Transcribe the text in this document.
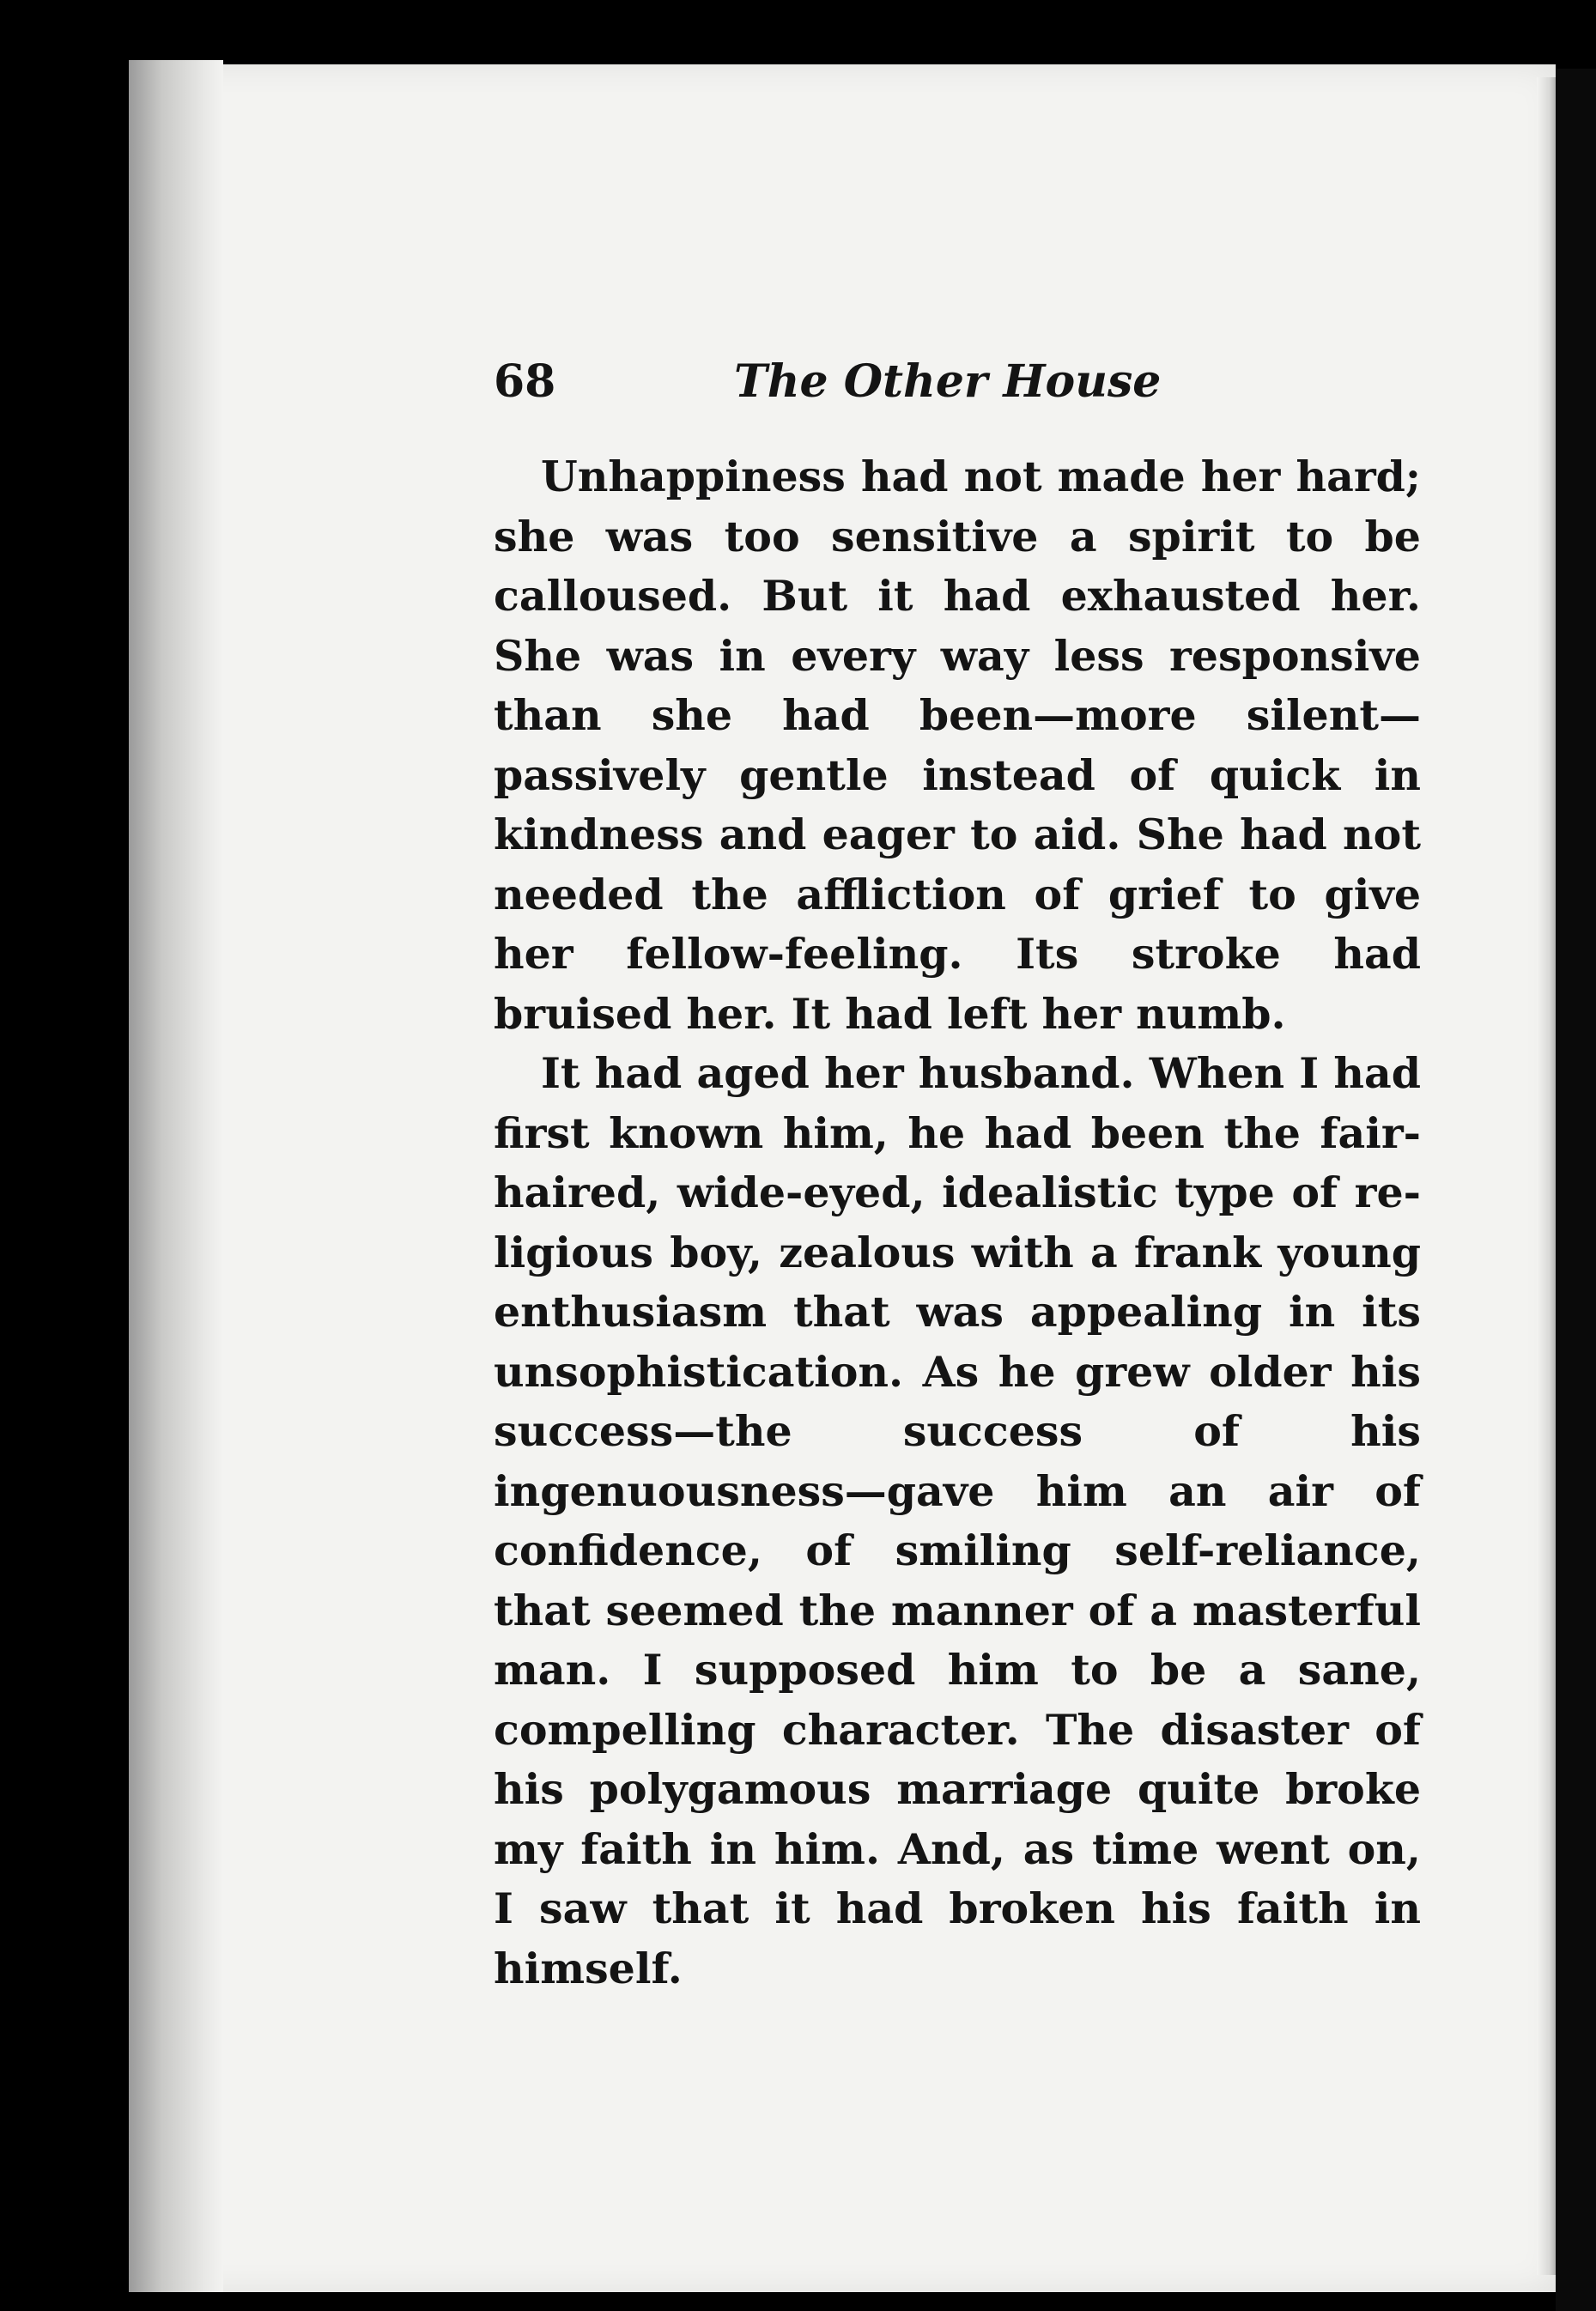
68	The Other House

Unhappiness had not made her hard; she was too sensitive a spirit to be calloused. But it had exhausted her. She was in every way less responsive than she had been—more silent—passively gentle instead of quick in kindness and eager to aid. She had not needed the affliction of grief to give her fellow-feeling. Its stroke had bruised her. It had left her numb.

It had aged her husband. When I had first known him, he had been the fair-haired, wide-eyed, idealistic type of religious boy, zealous with a frank young enthusiasm that was appealing in its unsophistication. As he grew older his success—the success of his ingenuousness—gave him an air of confidence, of smiling self-reliance, that seemed the manner of a masterful man. I supposed him to be a sane, compelling character. The disaster of his polygamous marriage quite broke my faith in him. And, as time went on, I saw that it had broken his faith in himself.
